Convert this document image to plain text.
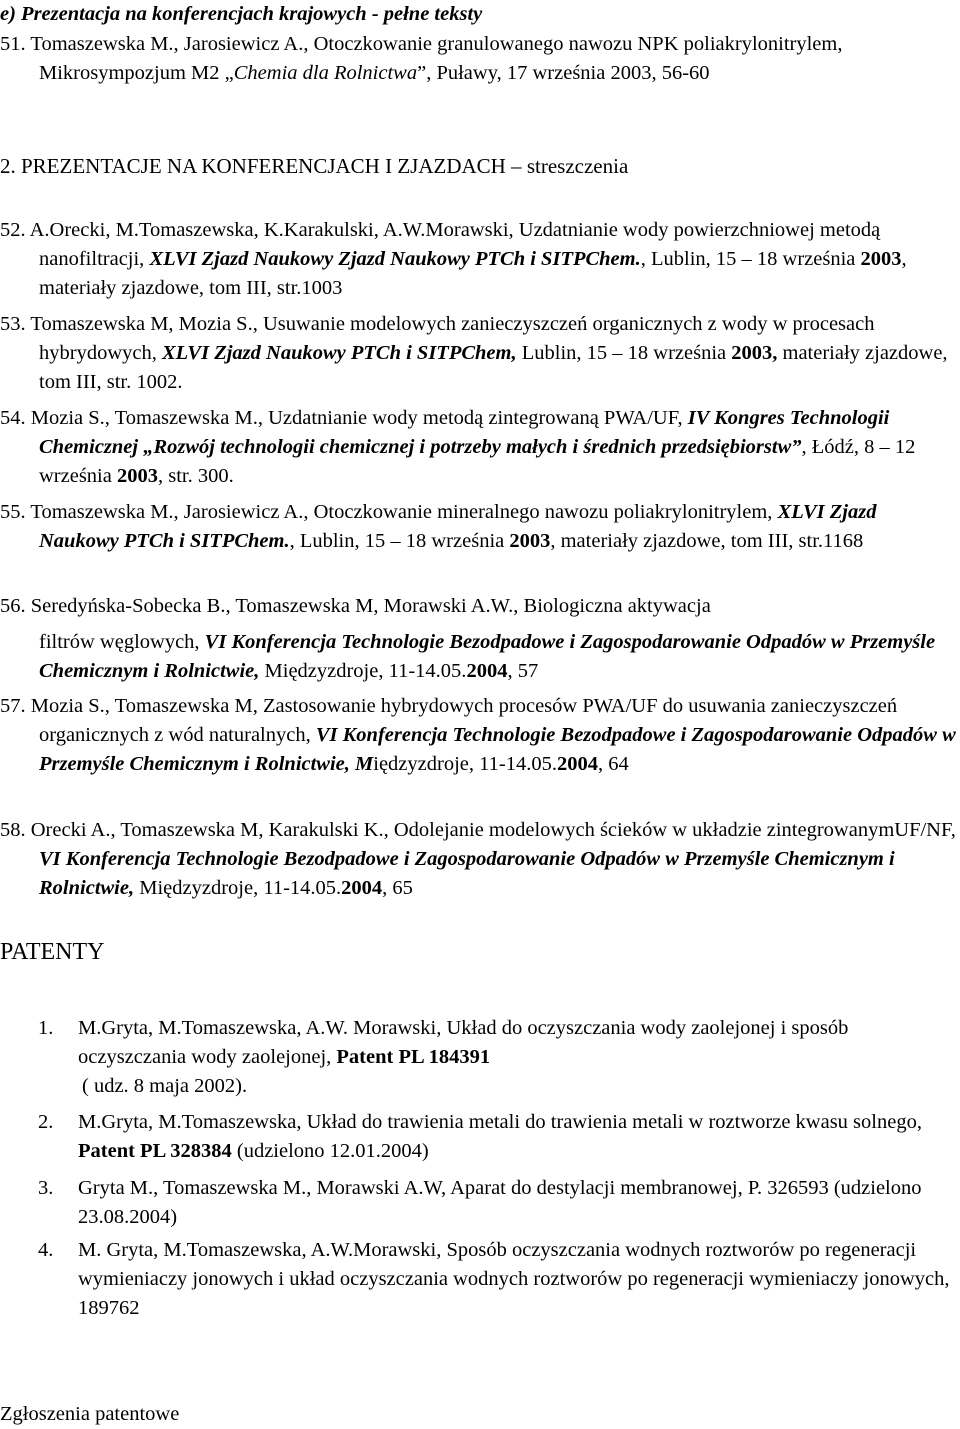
e) Prezentacja na konferencjach krajowych - pełne teksty
51. Tomaszewska M., Jarosiewicz A., Otoczkowanie granulowanego nawozu NPK poliakrylonitrylem, Mikrosympozjum M2 „Chemia dla Rolnictwa”, Puławy, 17 września 2003, 56-60
2. PREZENTACJE NA KONFERENCJACH I ZJAZDACH – streszczenia
52. A.Orecki, M.Tomaszewska, K.Karakulski, A.W.Morawski, Uzdatnianie wody powierzchniowej metodą nanofiltracji, XLVI Zjazd Naukowy Zjazd Naukowy PTCh i SITPChem., Lublin, 15 – 18 września 2003, materiały zjazdowe, tom III, str.1003
53. Tomaszewska M, Mozia S., Usuwanie modelowych zanieczyszczeń organicznych z wody w procesach hybrydowych, XLVI Zjazd Naukowy PTCh i SITPChem, Lublin, 15 – 18 września 2003, materiały zjazdowe, tom III, str. 1002.
54. Mozia S., Tomaszewska M., Uzdatnianie wody metodą zintegrowaną PWA/UF, IV Kongres Technologii Chemicznej „Rozwój technologii chemicznej i potrzeby małych i średnich przedsiębiorstw”, Łódź, 8 – 12 września 2003, str. 300.
55. Tomaszewska M., Jarosiewicz A., Otoczkowanie mineralnego nawozu poliakrylonitrylem, XLVI Zjazd Naukowy PTCh i SITPChem., Lublin, 15 – 18 września 2003, materiały zjazdowe, tom III, str.1168
56. Seredyńska-Sobecka B., Tomaszewska M, Morawski A.W., Biologiczna aktywacja
filtrów węglowych, VI Konferencja Technologie Bezodpadowe i Zagospodarowanie Odpadów w Przemyśle Chemicznym i Rolnictwie, Międzyzdroje, 11-14.05.2004, 57
57. Mozia S., Tomaszewska M, Zastosowanie hybrydowych procesów PWA/UF do usuwania zanieczyszczeń organicznych z wód naturalnych, VI Konferencja Technologie Bezodpadowe i Zagospodarowanie Odpadów w Przemyśle Chemicznym i Rolnictwie, Międzyzdroje, 11-14.05.2004, 64
58. Orecki A., Tomaszewska M, Karakulski K., Odolejanie modelowych ścieków w układzie zintegrowanymUF/NF, VI Konferencja Technologie Bezodpadowe i Zagospodarowanie Odpadów w Przemyśle Chemicznym i Rolnictwie, Międzyzdroje, 11-14.05.2004, 65
PATENTY
1. M.Gryta, M.Tomaszewska, A.W. Morawski, Układ do oczyszczania wody zaolejonej i sposób oczyszczania wody zaolejonej, Patent PL 184391
( udz. 8 maja 2002).
2. M.Gryta, M.Tomaszewska, Układ do trawienia metali do trawienia metali w roztworze kwasu solnego, Patent PL 328384 (udzielono 12.01.2004)
3. Gryta M., Tomaszewska M., Morawski A.W, Aparat do destylacji membranowej, P. 326593 (udzielono 23.08.2004)
4. M. Gryta, M.Tomaszewska, A.W.Morawski, Sposób oczyszczania wodnych roztworów po regeneracji wymieniaczy jonowych i układ oczyszczania wodnych roztworów po regeneracji wymieniaczy jonowych, 189762
Zgłoszenia patentowe
